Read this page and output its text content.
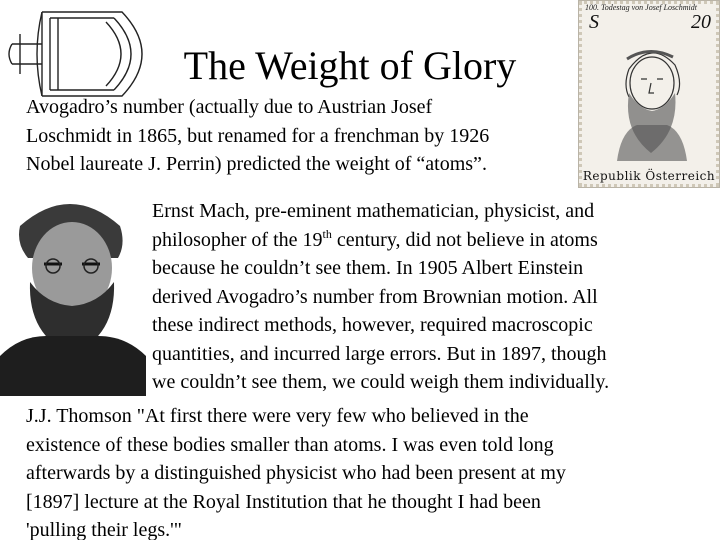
The Weight of Glory
100. Todestag von Josef Loschmidt
S	20
Republik Österreich

Avogadro’s number (actually due to Austrian Josef
Loschmidt in 1865, but renamed for a frenchman by 1926
Nobel laureate J. Perrin) predicted the weight of “atoms”.

Ernst Mach, pre-eminent mathematician, physicist, and
philosopher of the 19th century, did not believe in atoms
because he couldn’t see them. In 1905 Albert Einstein
derived Avogadro’s number from Brownian motion. All
these indirect methods, however, required macroscopic
quantities, and incurred large errors. But in 1897, though
we couldn’t see them, we could weigh them individually.

J.J. Thomson "At first there were very few who believed in the
existence of these bodies smaller than atoms. I was even told long
afterwards by a distinguished physicist who had been present at my
[1897] lecture at the Royal Institution that he thought I had been
'pulling their legs.'"
